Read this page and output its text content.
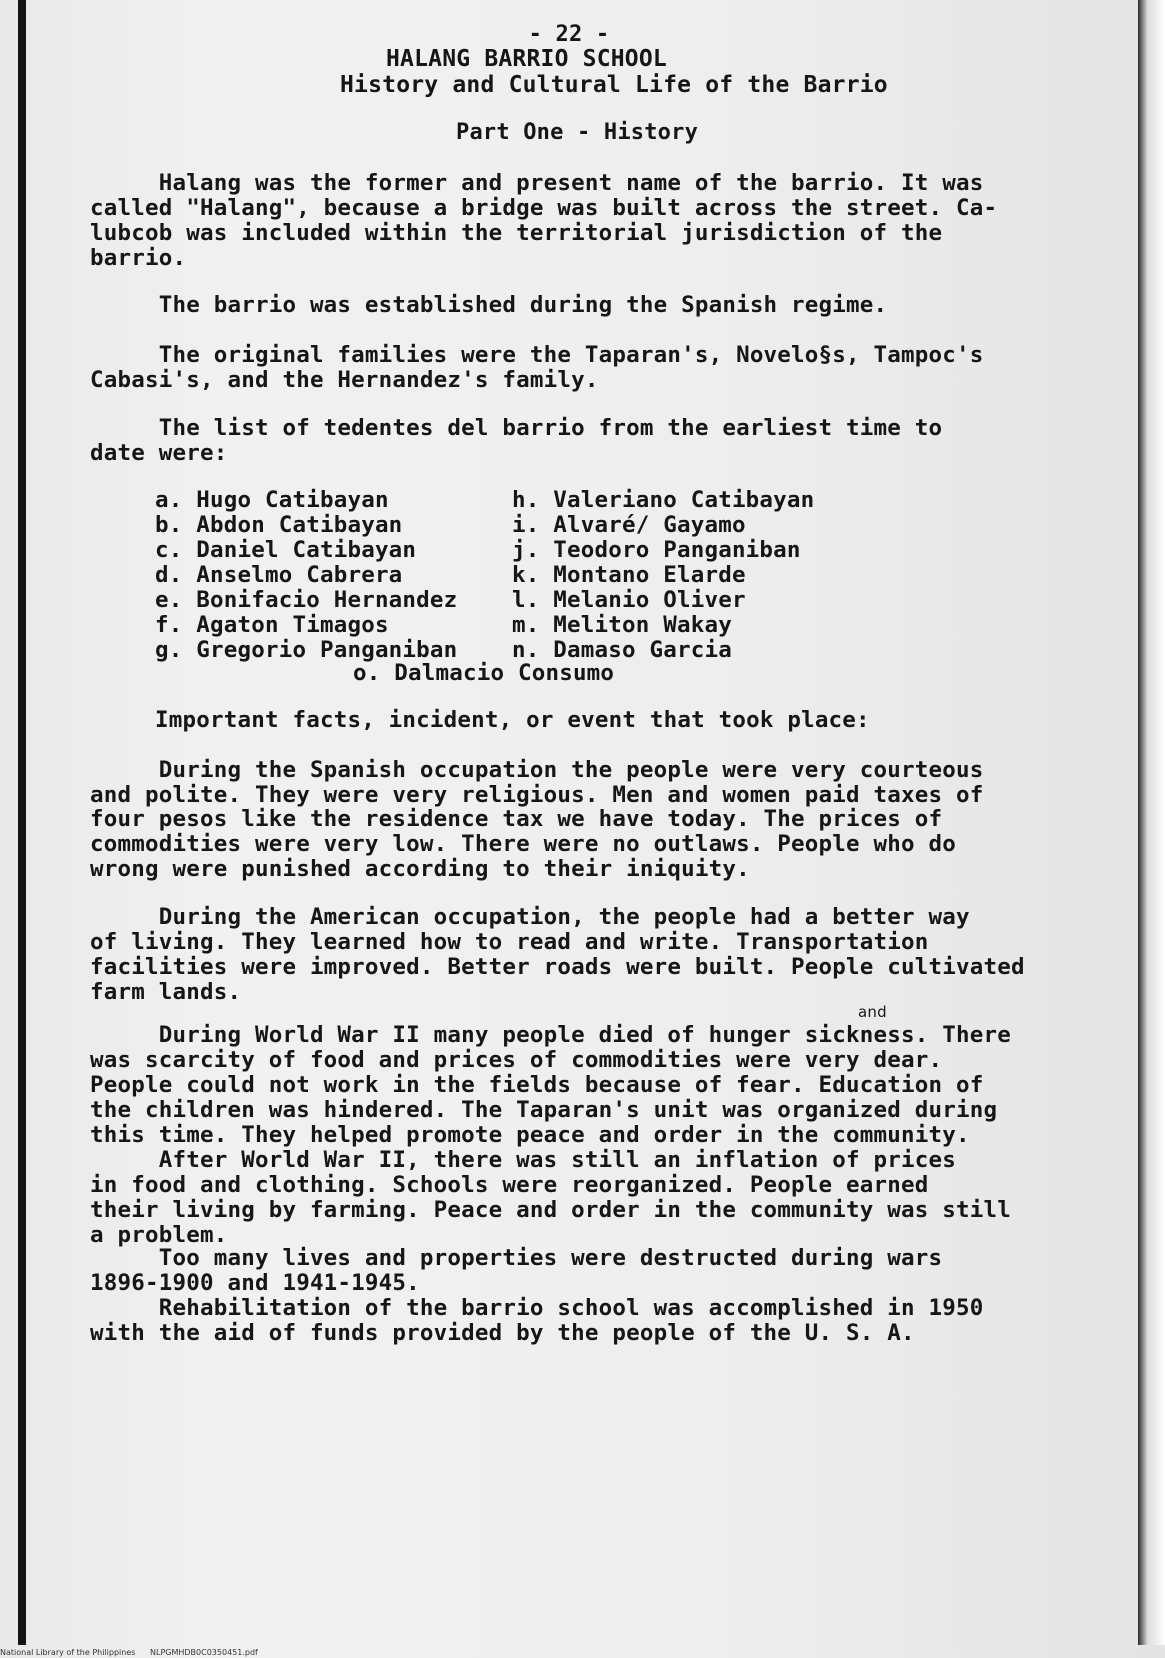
- 22 -

HALANG BARRIO SCHOOL

History and Cultural Life of the Barrio

Part One - History

Halang was the former and present name of the barrio. It was

called "Halang", because a bridge was built across the street. Ca-

lubcob was included within the territorial jurisdiction of the

barrio.

The barrio was established during the Spanish regime.

The original families were the Taparan's, Novelo§s, Tampoc's

Cabasi's, and the Hernandez's family.

The list of tedentes del barrio from the earliest time to

date were:

a. Hugo Catibayan

b. Abdon Catibayan

c. Daniel Catibayan

d. Anselmo Cabrera

e. Bonifacio Hernandez

f. Agaton Timagos

g. Gregorio Panganiban

h. Valeriano Catibayan

i. Alvaré/ Gayamo

j. Teodoro Panganiban

k. Montano Elarde

l. Melanio Oliver

m. Meliton Wakay

n. Damaso Garcia

o. Dalmacio Consumo

Important facts, incident, or event that took place:

During the Spanish occupation the people were very courteous

and polite. They were very religious. Men and women paid taxes of

four pesos like the residence tax we have today. The prices of

commodities were very low. There were no outlaws. People who do

wrong were punished according to their iniquity.

During the American occupation, the people had a better way

of living. They learned how to read and write. Transportation

facilities were improved. Better roads were built. People cultivated

farm lands.

and

During World War II many people died of hunger sickness. There

was scarcity of food and prices of commodities were very dear.

People could not work in the fields because of fear. Education of

the children was hindered. The Taparan's unit was organized during

this time. They helped promote peace and order in the community.

After World War II, there was still an inflation of prices

in food and clothing. Schools were reorganized. People earned

their living by farming. Peace and order in the community was still

a problem.

Too many lives and properties were destructed during wars

1896-1900 and 1941-1945.

Rehabilitation of the barrio school was accomplished in 1950

with the aid of funds provided by the people of the U. S. A.

National Library of the Philippines NLPGMHDB0C0350451.pdf
